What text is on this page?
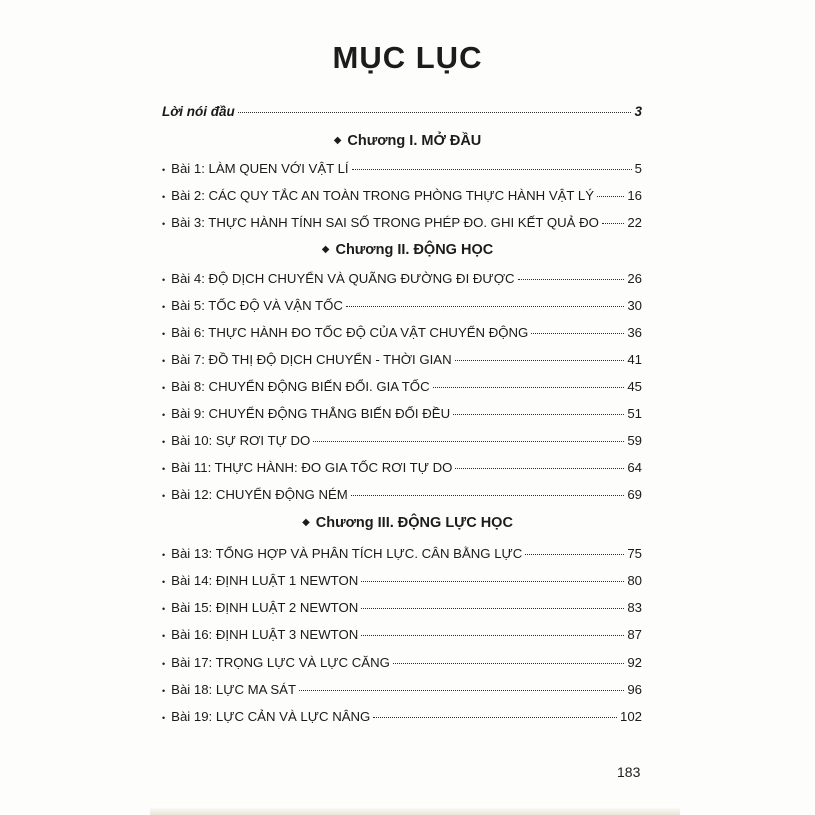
MỤC LỤC
Lời nói đầu	3
◆ Chương I. MỞ ĐẦU
• Bài 1: LÀM QUEN VỚI VẬT LÍ	5
• Bài 2: CÁC QUY TẮC AN TOÀN TRONG PHÒNG THỰC HÀNH VẬT LÝ	16
• Bài 3: THỰC HÀNH TÍNH SAI SỐ TRONG PHÉP ĐO. GHI KẾT QUẢ ĐO 22
◆ Chương II. ĐỘNG HỌC
• Bài 4: ĐỘ DỊCH CHUYỂN VÀ QUÃNG ĐƯỜNG ĐI ĐƯỢC	26
• Bài 5: TỐC ĐỘ VÀ VẬN TỐC	30
• Bài 6: THỰC HÀNH ĐO TỐC ĐỘ CỦA VẬT CHUYỂN ĐỘNG	36
• Bài 7: ĐỒ THỊ ĐỘ DỊCH CHUYỂN - THỜI GIAN	41
• Bài 8: CHUYỂN ĐỘNG BIẾN ĐỔI. GIA TỐC	45
• Bài 9: CHUYỂN ĐỘNG THẲNG BIẾN ĐỔI ĐỀU	51
• Bài 10: SỰ RƠI TỰ DO	59
• Bài 11: THỰC HÀNH: ĐO GIA TỐC RƠI TỰ DO	64
• Bài 12: CHUYỂN ĐỘNG NÉM	69
◆ Chương III. ĐỘNG LỰC HỌC
• Bài 13: TỔNG HỢP VÀ PHÂN TÍCH LỰC. CÂN BẰNG LỰC	75
• Bài 14: ĐỊNH LUẬT 1 NEWTON	80
• Bài 15: ĐỊNH LUẬT 2 NEWTON	83
• Bài 16: ĐỊNH LUẬT 3 NEWTON	87
• Bài 17: TRỌNG LỰC VÀ LỰC CĂNG	92
• Bài 18: LỰC MA SÁT	96
• Bài 19: LỰC CẢN VÀ LỰC NÂNG	102
183
